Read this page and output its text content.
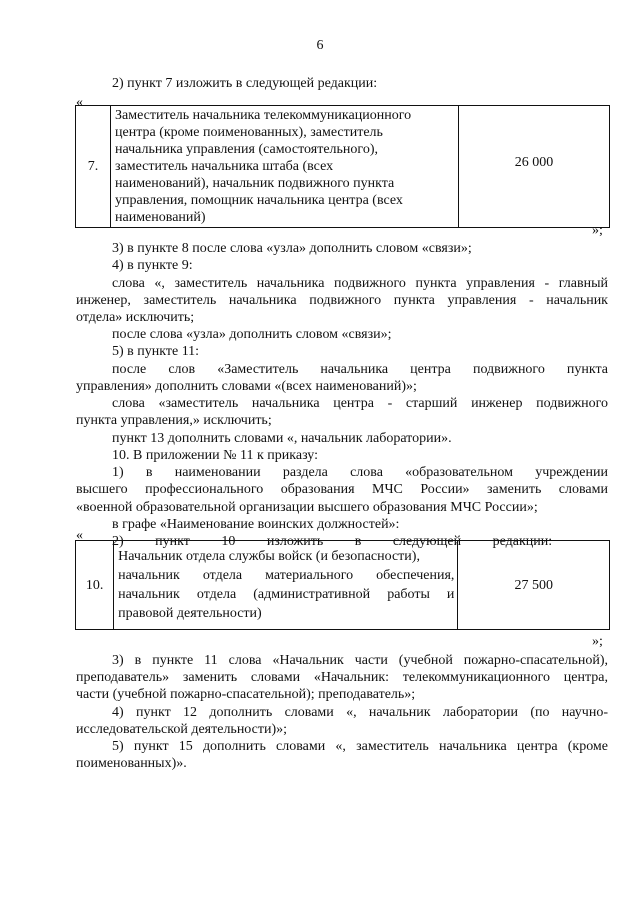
6
2) пункт 7 изложить в следующей редакции:
«
7.	
Заместитель начальника телекоммуникационного
центра (кроме поименованных), заместитель
начальника управления (самостоятельного),
заместитель начальника штаба (всех
наименований), начальник подвижного пункта
управления, помощник начальника центра (всех
наименований)
	26 000
»;
3) в пункте 8 после слова «узла» дополнить словом «связи»;
4) в пункте 9:
слова «, заместитель начальника подвижного пункта управления - главный
инженер, заместитель начальника подвижного пункта управления - начальник
отдела» исключить;
после слова «узла» дополнить словом «связи»;
5) в пункте 11:
после слов «Заместитель начальника центра подвижного пункта
управления» дополнить словами «(всех наименований)»;
слова «заместитель начальника центра - старший инженер подвижного
пункта управления,» исключить;
пункт 13 дополнить словами «, начальник лаборатории».
10. В приложении № 11 к приказу:
1) в наименовании раздела слова «образовательном учреждении
высшего профессионального образования МЧС России» заменить словами
«военной образовательной организации высшего образования МЧС России»;
в графе «Наименование воинских должностей»:
2) пункт 10 изложить в следующей редакции:
«
10.	
Начальник отдела службы войск (и безопасности),
начальник отдела материального обеспечения,
начальник отдела (административной работы и
правовой деятельности)
	27 500
»;
3) в пункте 11 слова «Начальник части (учебной пожарно-спасательной),
преподаватель» заменить словами «Начальник: телекоммуникационного центра,
части (учебной пожарно-спасательной); преподаватель»;
4) пункт 12 дополнить словами «, начальник лаборатории (по научно-
исследовательской деятельности)»;
5) пункт 15 дополнить словами «, заместитель начальника центра (кроме
поименованных)».
